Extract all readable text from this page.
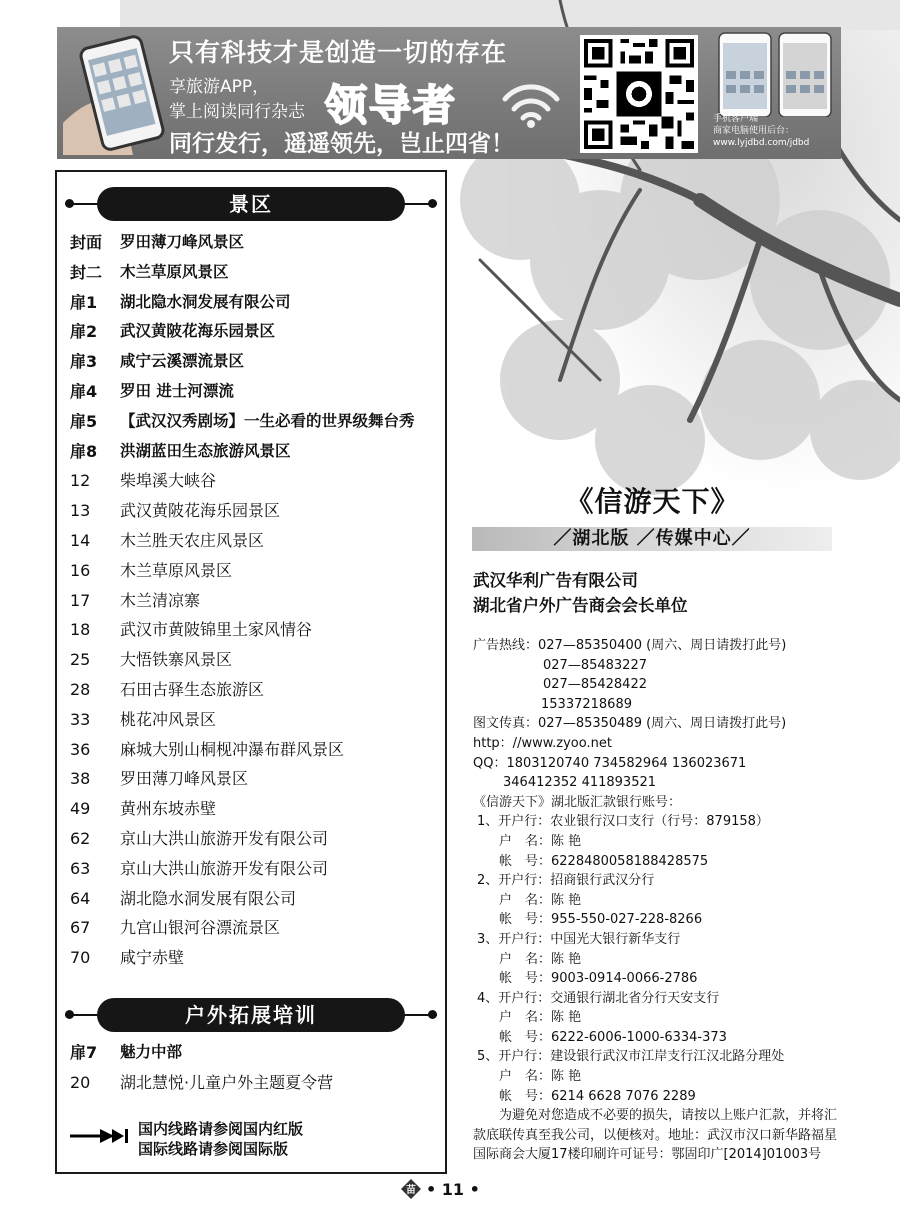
只有科技才是创造一切的存在
享旅游APP，
掌上阅读同行杂志 领导者
同行发行，遥遥领先，岂止四省！
手机客户端
商家电脑使用后台：
www.lyjdbd.com/jdbd
景区
封面	罗田薄刀峰风景区
封二	木兰草原风景区
扉1	湖北隐水洞发展有限公司
扉2	武汉黄陂花海乐园景区
扉3	咸宁云溪漂流景区
扉4	罗田 进士河漂流
扉5	【武汉汉秀剧场】一生必看的世界级舞台秀
扉8	洪湖蓝田生态旅游风景区
12	柴埠溪大峡谷
13	武汉黄陂花海乐园景区
14	木兰胜天农庄风景区
16	木兰草原风景区
17	木兰清凉寨
18	武汉市黄陂锦里土家风情谷
25	大悟铁寨风景区
28	石田古驿生态旅游区
33	桃花冲风景区
36	麻城大别山桐枧冲瀑布群风景区
38	罗田薄刀峰风景区
49	黄州东坡赤壁
62	京山大洪山旅游开发有限公司
63	京山大洪山旅游开发有限公司
64	湖北隐水洞发展有限公司
67	九宫山银河谷漂流景区
70	咸宁赤壁
户外拓展培训
扉7	魅力中部
20	湖北慧悦·儿童户外主题夏令营
国内线路请参阅国内红版
国际线路请参阅国际版
《信游天下》
／湖北版 ／传媒中心／
武汉华利广告有限公司
湖北省户外广告商会会长单位
广告热线：027—85350400 (周六、周日请拨打此号)
027—85483227
027—85428422
15337218689
图文传真：027—85350489 (周六、周日请拨打此号)
http：//www.zyoo.net
QQ：1803120740 734582964 136023671
346412352 411893521
《信游天下》湖北版汇款银行账号：
1、开户行：农业银行汉口支行（行号：879158）
户　名：陈 艳
帐　号：6228480058188428575
2、开户行：招商银行武汉分行
户　名：陈 艳
帐　号：955-550-027-228-8266
3、开户行：中国光大银行新华支行
户　名：陈 艳
帐　号：9003-0914-0066-2786
4、开户行：交通银行湖北省分行天安支行
户　名：陈 艳
帐　号：6222-6006-1000-6334-373
5、开户行：建设银行武汉市江岸支行江汉北路分理处
户　名：陈 艳
帐　号：6214 6628 7076 2289
为避免对您造成不必要的损失，请按以上账户汇款，并将汇款底联传真至我公司，以便核对。地址：武汉市汉口新华路福星国际商会大厦17楼印刷许可证号：鄂固印广[2014]01003号
苗 • 11 •
